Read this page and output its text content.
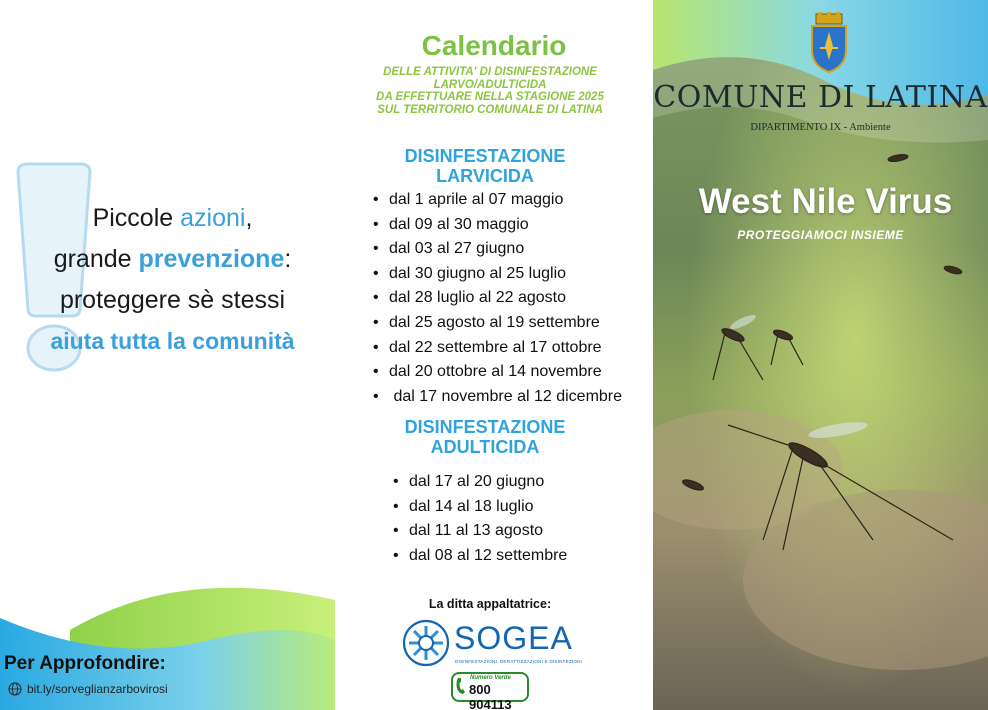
Piccole azioni,
grande prevenzione:
proteggere sè stessi
aiuta tutta la comunità
Per Approfondire:
bit.ly/sorveglianzarbovirosi
Calendario
DELLE ATTIVITA' DI DISINFESTAZIONE
LARVO/ADULTICIDA
DA EFFETTUARE NELLA STAGIONE 2025
SUL TERRITORIO COMUNALE DI LATINA
DISINFESTAZIONE
LARVICIDA
• dal 1 aprile al 07 maggio
• dal 09 al 30 maggio
• dal 03 al 27 giugno
• dal 30 giugno al 25 luglio
• dal 28 luglio al 22 agosto
• dal 25 agosto al 19 settembre
• dal 22 settembre al 17 ottobre
• dal 20 ottobre al 14 novembre
•  dal 17 novembre al 12 dicembre
DISINFESTAZIONE
ADULTICIDA
• dal 17 al 20 giugno
• dal 14 al 18 luglio
• dal 11 al 13 agosto
• dal 08 al 12 settembre
La ditta appaltatrice:
SOGEA
DISINFESTAZIONI, DERATTIZZAZIONI E DISINFEZIONI
Numero Verde
800 904113
COMUNE DI LATINA
DIPARTIMENTO IX - Ambiente
West Nile Virus
PROTEGGIAMOCI INSIEME
